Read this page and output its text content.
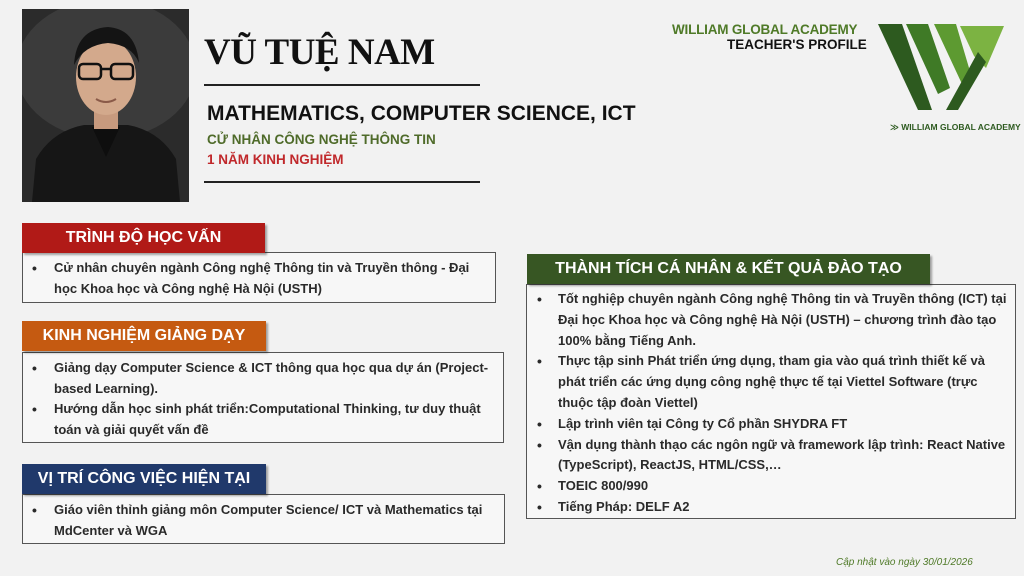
VŨ TUỆ NAM
MATHEMATICS, COMPUTER SCIENCE, ICT
CỬ NHÂN CÔNG NGHỆ THÔNG TIN
1 NĂM KINH NGHIỆM
WILLIAM GLOBAL ACADEMY
TEACHER'S PROFILE
≫ WILLIAM GLOBAL ACADEMY
• Cử nhân chuyên ngành Công nghệ Thông tin và Truyền thông - Đại học Khoa học và Công nghệ Hà Nội (USTH)
TRÌNH ĐỘ HỌC VẤN
• Giảng dạy Computer Science & ICT thông qua học qua dự án (Project-based Learning).
• Hướng dẫn học sinh phát triển:Computational Thinking, tư duy thuật toán và giải quyết vấn đề
KINH NGHIỆM GIẢNG DẠY
• Giáo viên thỉnh giảng môn Computer Science/ ICT và Mathematics tại MdCenter và WGA
VỊ TRÍ CÔNG VIỆC HIỆN TẠI
• Tốt nghiệp chuyên ngành Công nghệ Thông tin và Truyền thông (ICT) tại Đại học Khoa học và Công nghệ Hà Nội (USTH) – chương trình đào tạo 100% bằng Tiếng Anh.
• Thực tập sinh Phát triển ứng dụng, tham gia vào quá trình thiết kế và phát triển các ứng dụng công nghệ thực tế tại Viettel Software (trực thuộc tập đoàn Viettel)
• Lập trình viên tại Công ty Cổ phần SHYDRA FT
• Vận dụng thành thạo các ngôn ngữ và framework lập trình: React Native (TypeScript), ReactJS, HTML/CSS,…
• TOEIC 800/990
• Tiếng Pháp: DELF A2
THÀNH TÍCH CÁ NHÂN & KẾT QUẢ ĐÀO TẠO
Cập nhật vào ngày 30/01/2026
